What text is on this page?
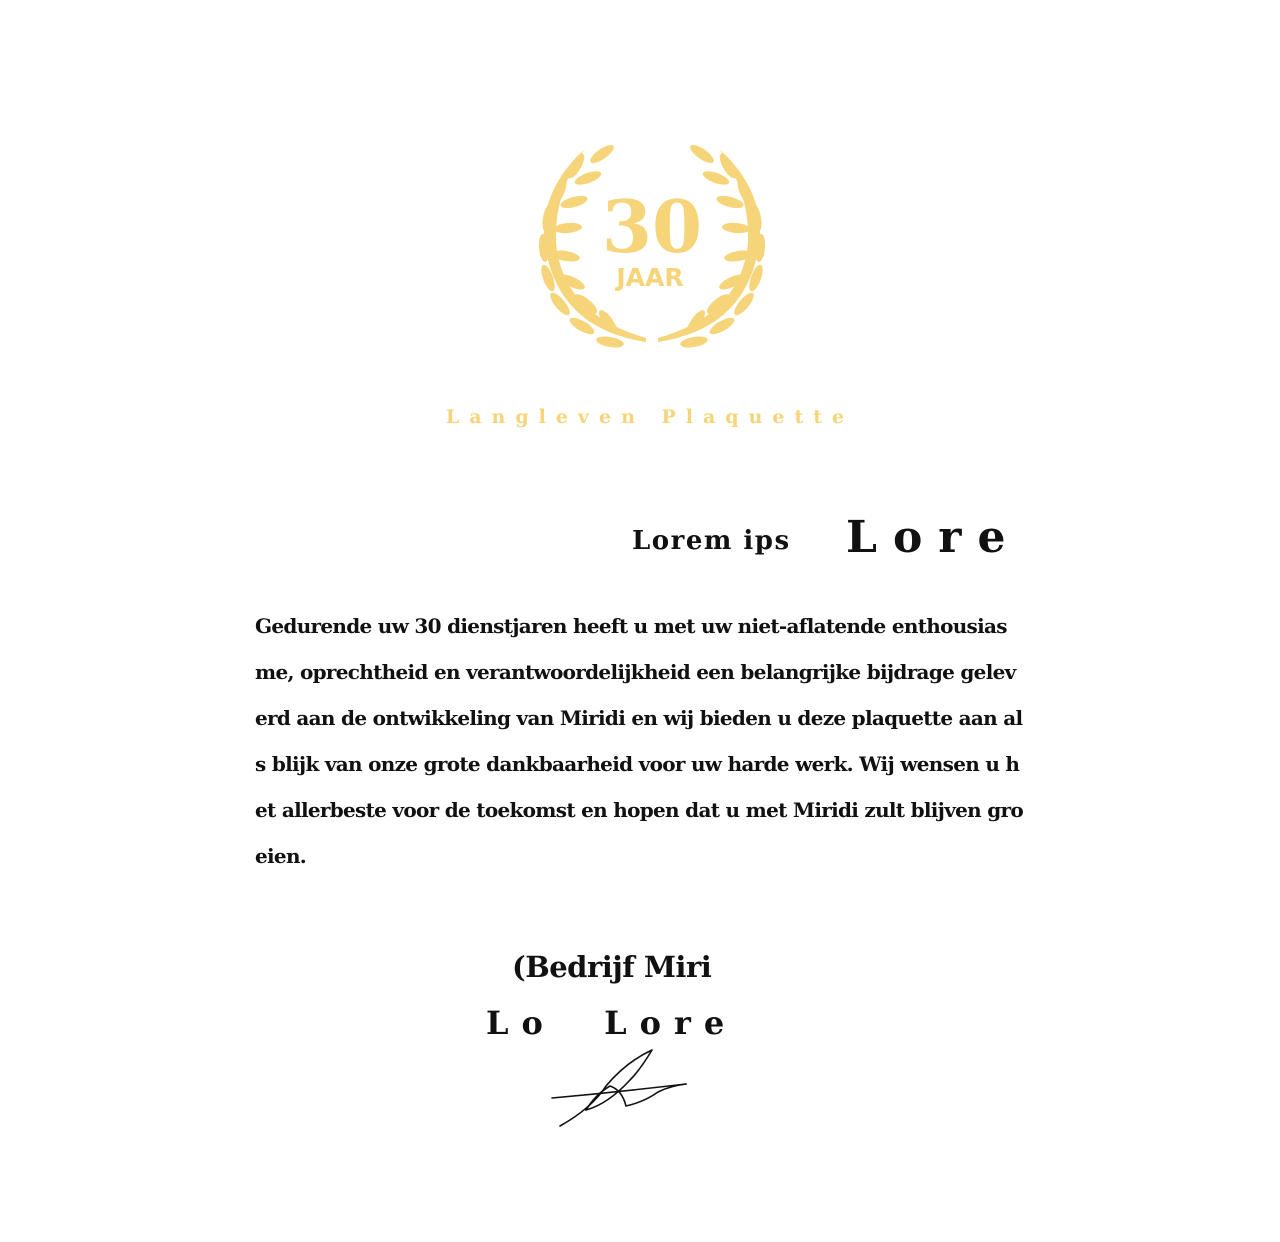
30
JAAR
Langleven Plaquette
Lorem ips Lore
Gedurende uw 30 dienstjaren heeft u met uw niet-aflatende enthousias
me, oprechtheid en verantwoordelijkheid een belangrijke bijdrage gelev
erd aan de ontwikkeling van Miridi en wij bieden u deze plaquette aan al
s blijk van onze grote dankbaarheid voor uw harde werk. Wij wensen u h
et allerbeste voor de toekomst en hopen dat u met Miridi zult blijven gro
eien.
(Bedrijf Miri
Lo  Lore
